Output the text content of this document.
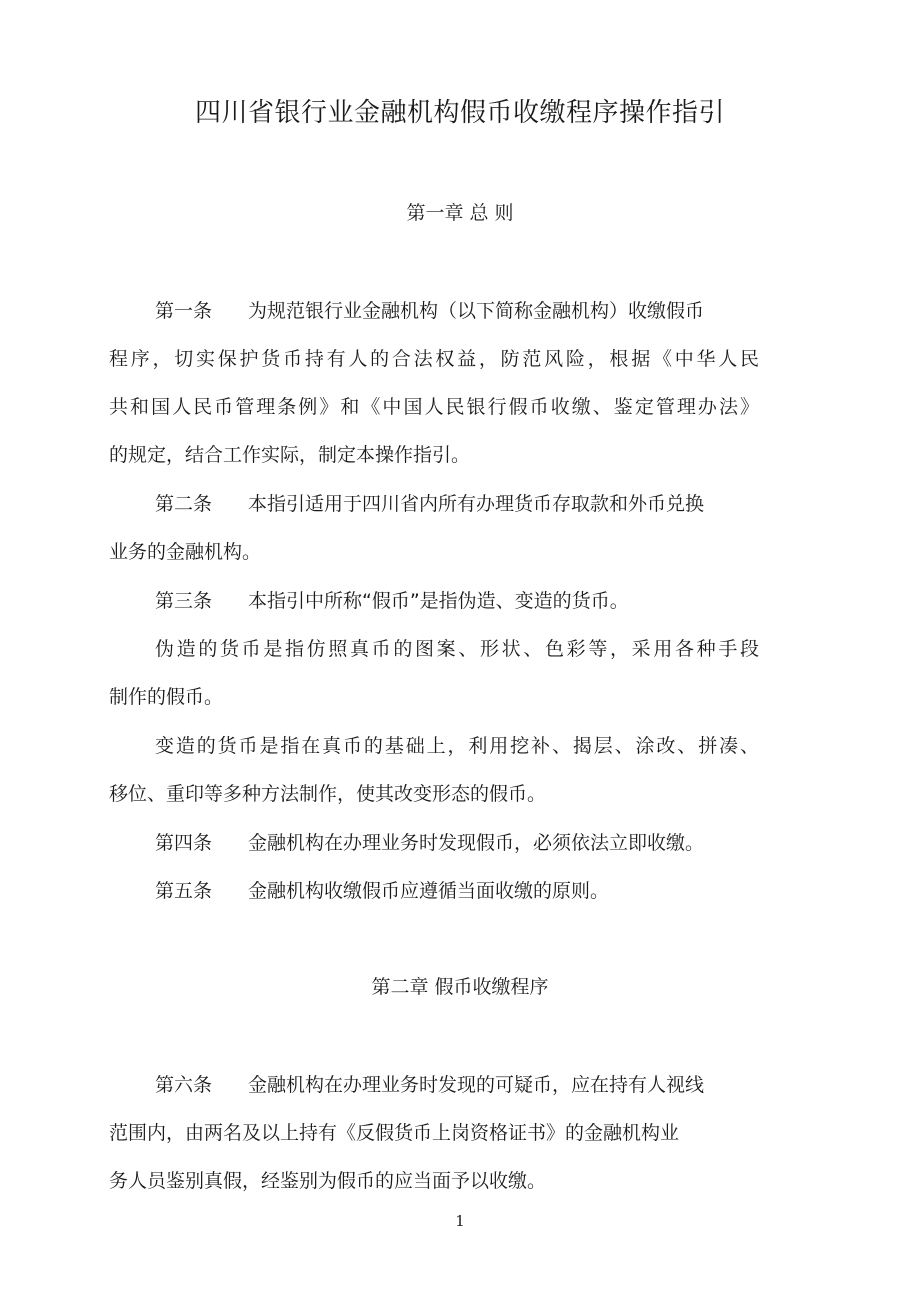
四川省银行业金融机构假币收缴程序操作指引
第一章 总 则
第一条 为规范银行业金融机构（以下简称金融机构）收缴假币
程序，切实保护货币持有人的合法权益，防范风险，根据《中华人民
共和国人民币管理条例》和《中国人民银行假币收缴、鉴定管理办法》
的规定，结合工作实际，制定本操作指引。
第二条 本指引适用于四川省内所有办理货币存取款和外币兑换
业务的金融机构。
第三条 本指引中所称“假币”是指伪造、变造的货币。
伪造的货币是指仿照真币的图案、形状、色彩等，采用各种手段
制作的假币。
变造的货币是指在真币的基础上，利用挖补、揭层、涂改、拼凑、
移位、重印等多种方法制作，使其改变形态的假币。
第四条 金融机构在办理业务时发现假币，必须依法立即收缴。
第五条 金融机构收缴假币应遵循当面收缴的原则。
第二章 假币收缴程序
第六条 金融机构在办理业务时发现的可疑币，应在持有人视线
范围内，由两名及以上持有《反假货币上岗资格证书》的金融机构业
务人员鉴别真假，经鉴别为假币的应当面予以收缴。
1
